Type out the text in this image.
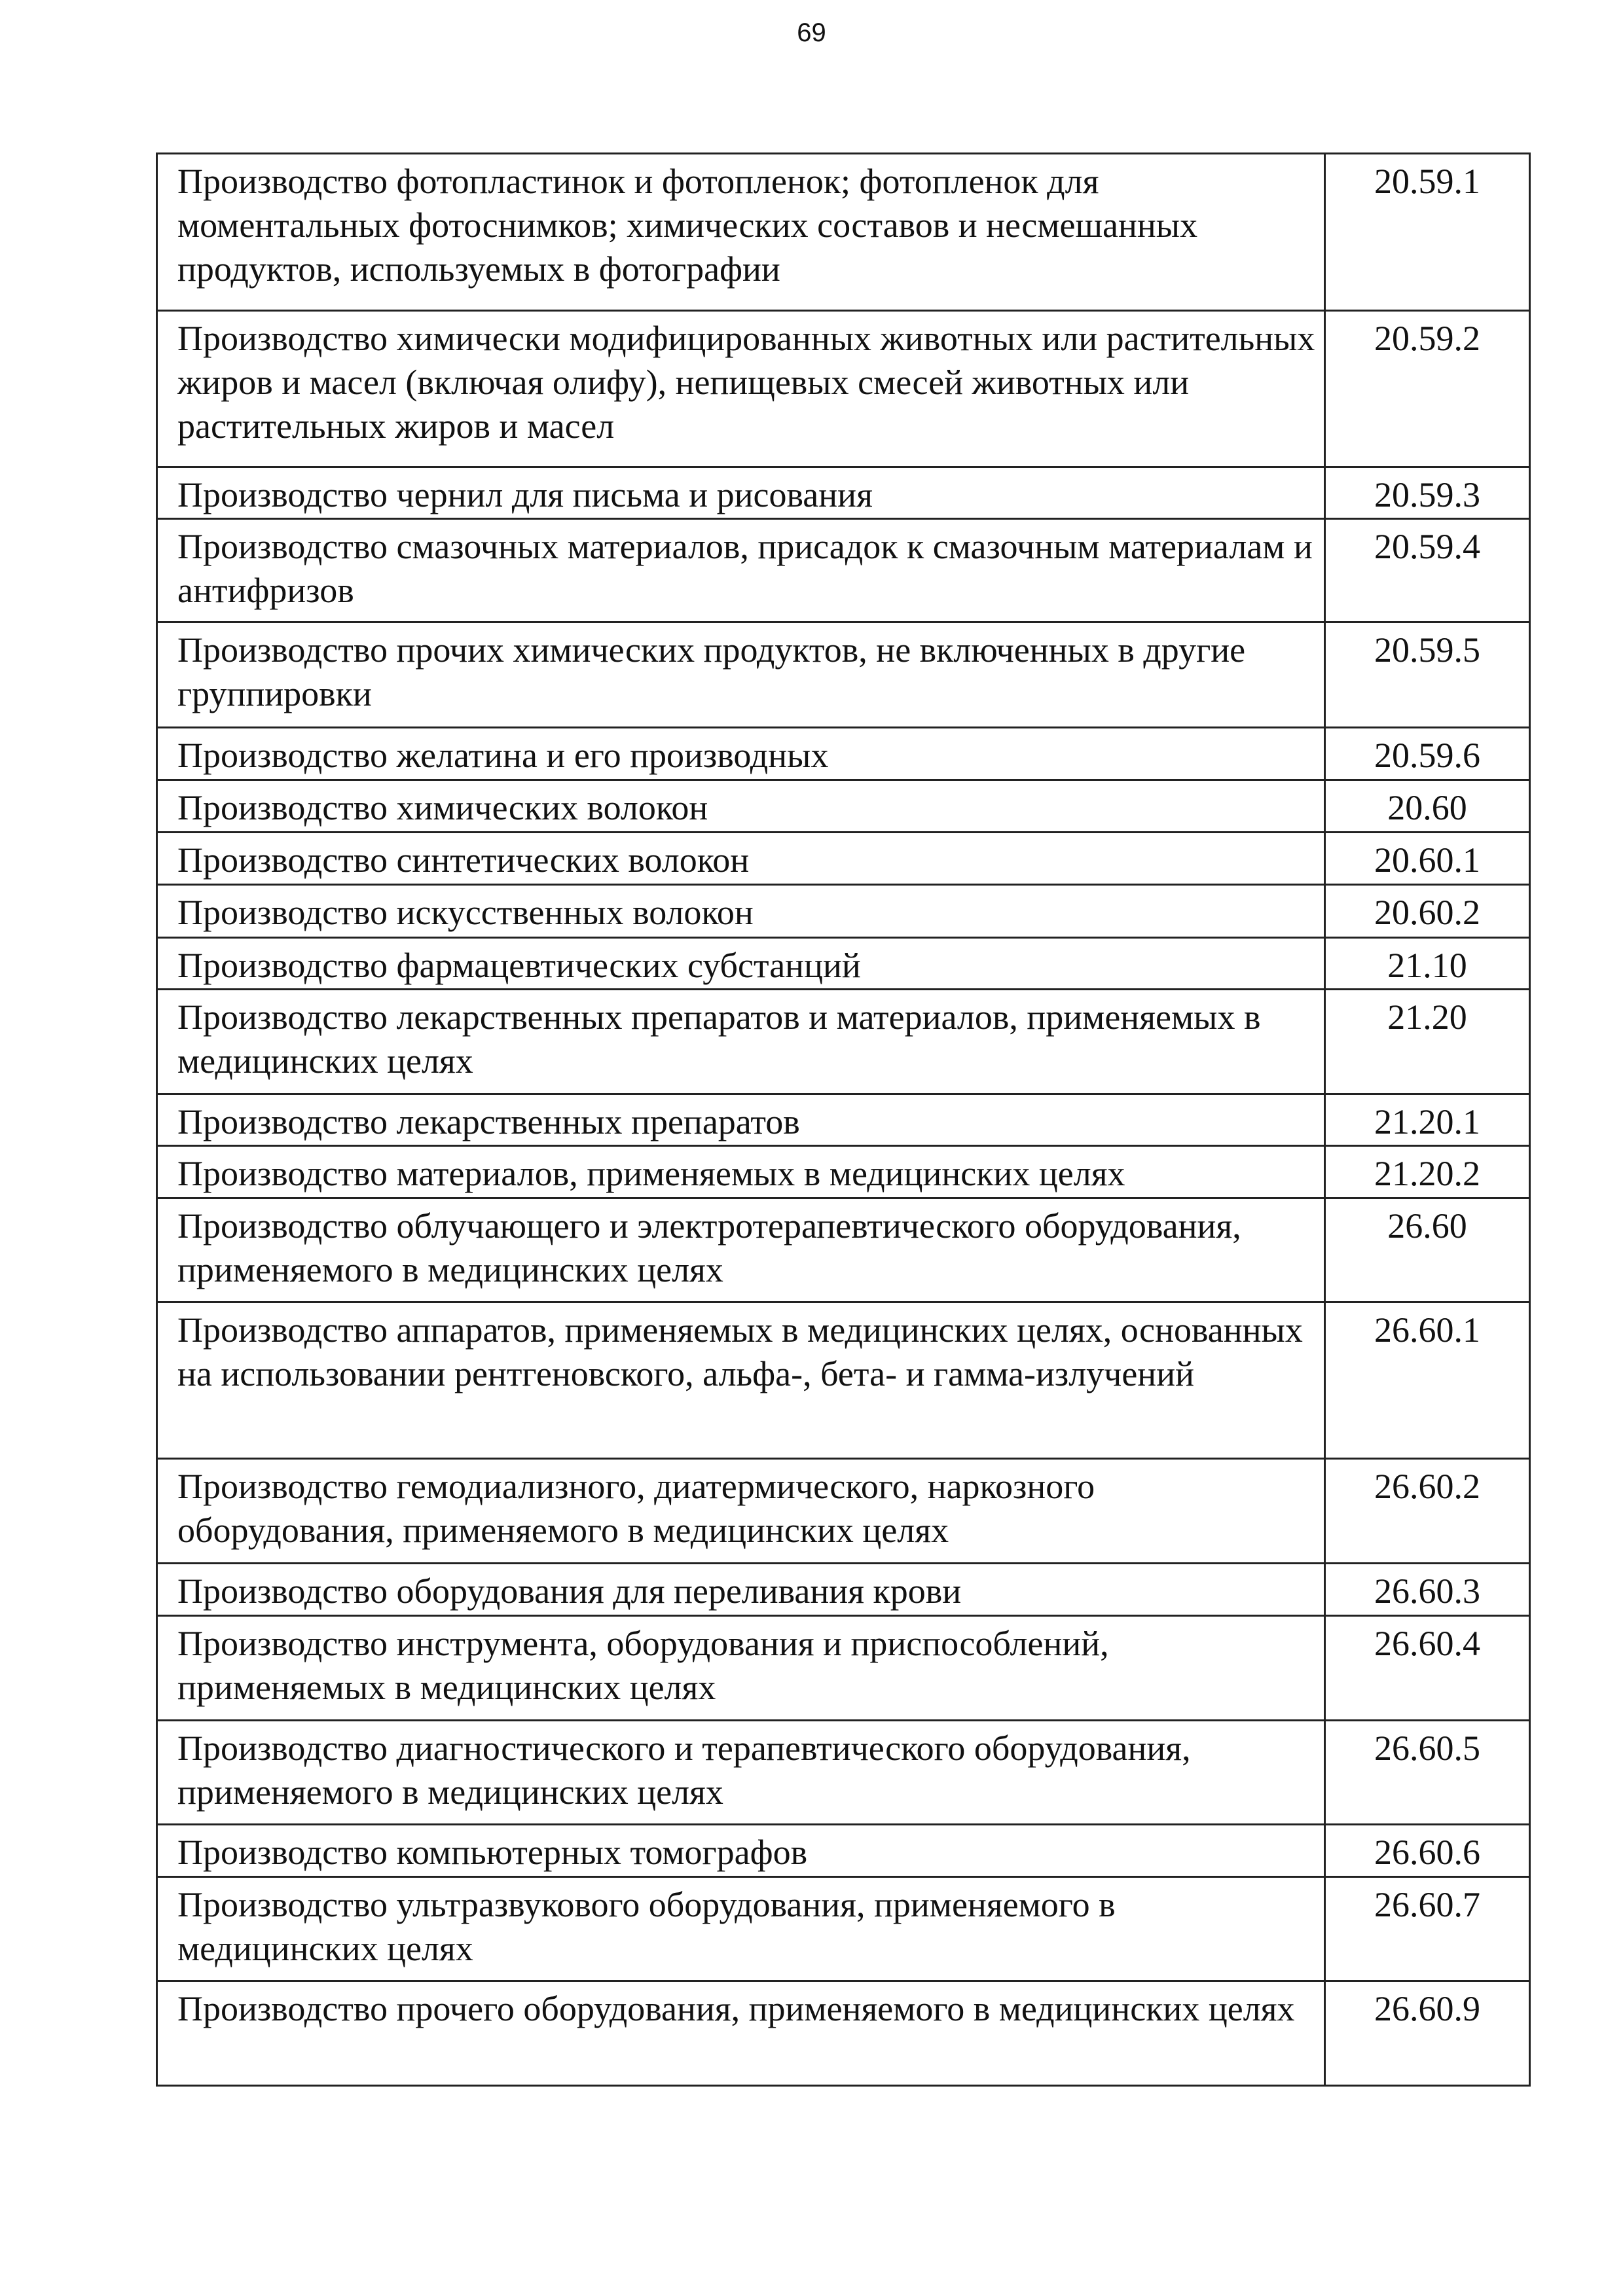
69
Производство фотопластинок и фотопленок; фотопленок для моментальных фотоснимков; химических составов и несмешанных продуктов, используемых в фотографии	20.59.1
Производство химически модифицированных животных или растительных жиров и масел (включая олифу), непищевых смесей животных или растительных жиров и масел	20.59.2
Производство чернил для письма и рисования	20.59.3
Производство смазочных материалов, присадок к смазочным материалам и антифризов	20.59.4
Производство прочих химических продуктов, не включенных в другие группировки	20.59.5
Производство желатина и его производных	20.59.6
Производство химических волокон	20.60
Производство синтетических волокон	20.60.1
Производство искусственных волокон	20.60.2
Производство фармацевтических субстанций	21.10
Производство лекарственных препаратов и материалов, применяемых в медицинских целях	21.20
Производство лекарственных препаратов	21.20.1
Производство материалов, применяемых в медицинских целях	21.20.2
Производство облучающего и электротерапевтического оборудования, применяемого в медицинских целях	26.60
Производство аппаратов, применяемых в медицинских целях, основанных на использовании рентгеновского, альфа-, бета- и гамма-излучений	26.60.1
Производство гемодиализного, диатермического, наркозного оборудования, применяемого в медицинских целях	26.60.2
Производство оборудования для переливания крови	26.60.3
Производство инструмента, оборудования и приспособлений, применяемых в медицинских целях	26.60.4
Производство диагностического и терапевтического оборудования, применяемого в медицинских целях	26.60.5
Производство компьютерных томографов	26.60.6
Производство ультразвукового оборудования, применяемого в медицинских целях	26.60.7
Производство прочего оборудования, применяемого в медицинских целях	26.60.9
